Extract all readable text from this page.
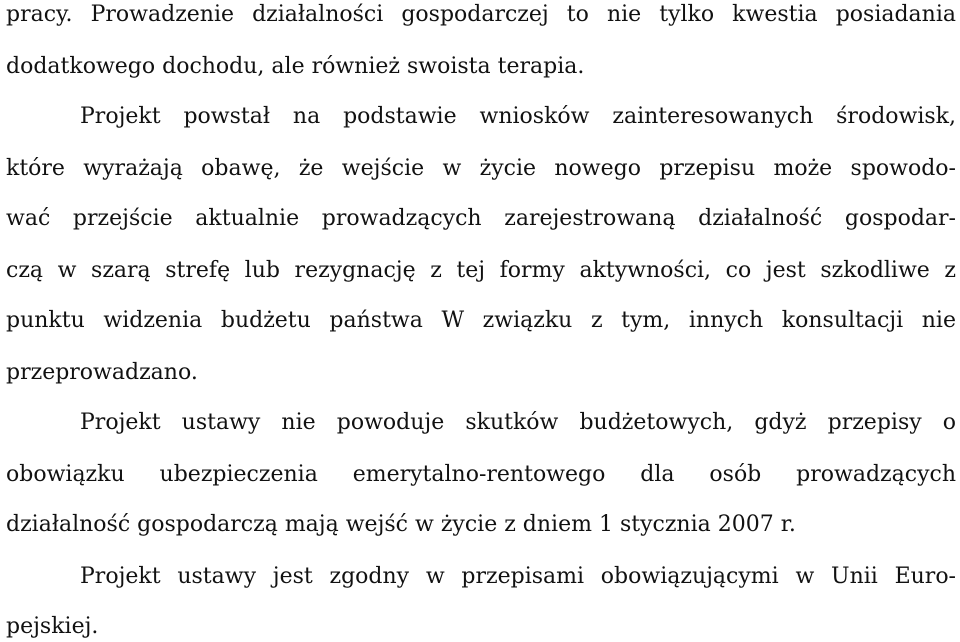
pracy. Prowadzenie działalności gospodarczej to nie tylko kwestia posiadania
dodatkowego dochodu, ale również swoista terapia.
Projekt powstał na podstawie wniosków zainteresowanych środowisk,
które wyrażają obawę, że wejście w życie nowego przepisu może spowodo-
wać przejście aktualnie prowadzących zarejestrowaną działalność gospodar-
czą w szarą strefę lub rezygnację z tej formy aktywności, co jest szkodliwe z
punktu widzenia budżetu państwa W związku z tym, innych konsultacji nie
przeprowadzano.
Projekt ustawy nie powoduje skutków budżetowych, gdyż przepisy o
obowiązku ubezpieczenia emerytalno-rentowego dla osób prowadzących
działalność gospodarczą mają wejść w życie z dniem 1 stycznia 2007 r.
Projekt ustawy jest zgodny w przepisami obowiązującymi w Unii Euro-
pejskiej.
